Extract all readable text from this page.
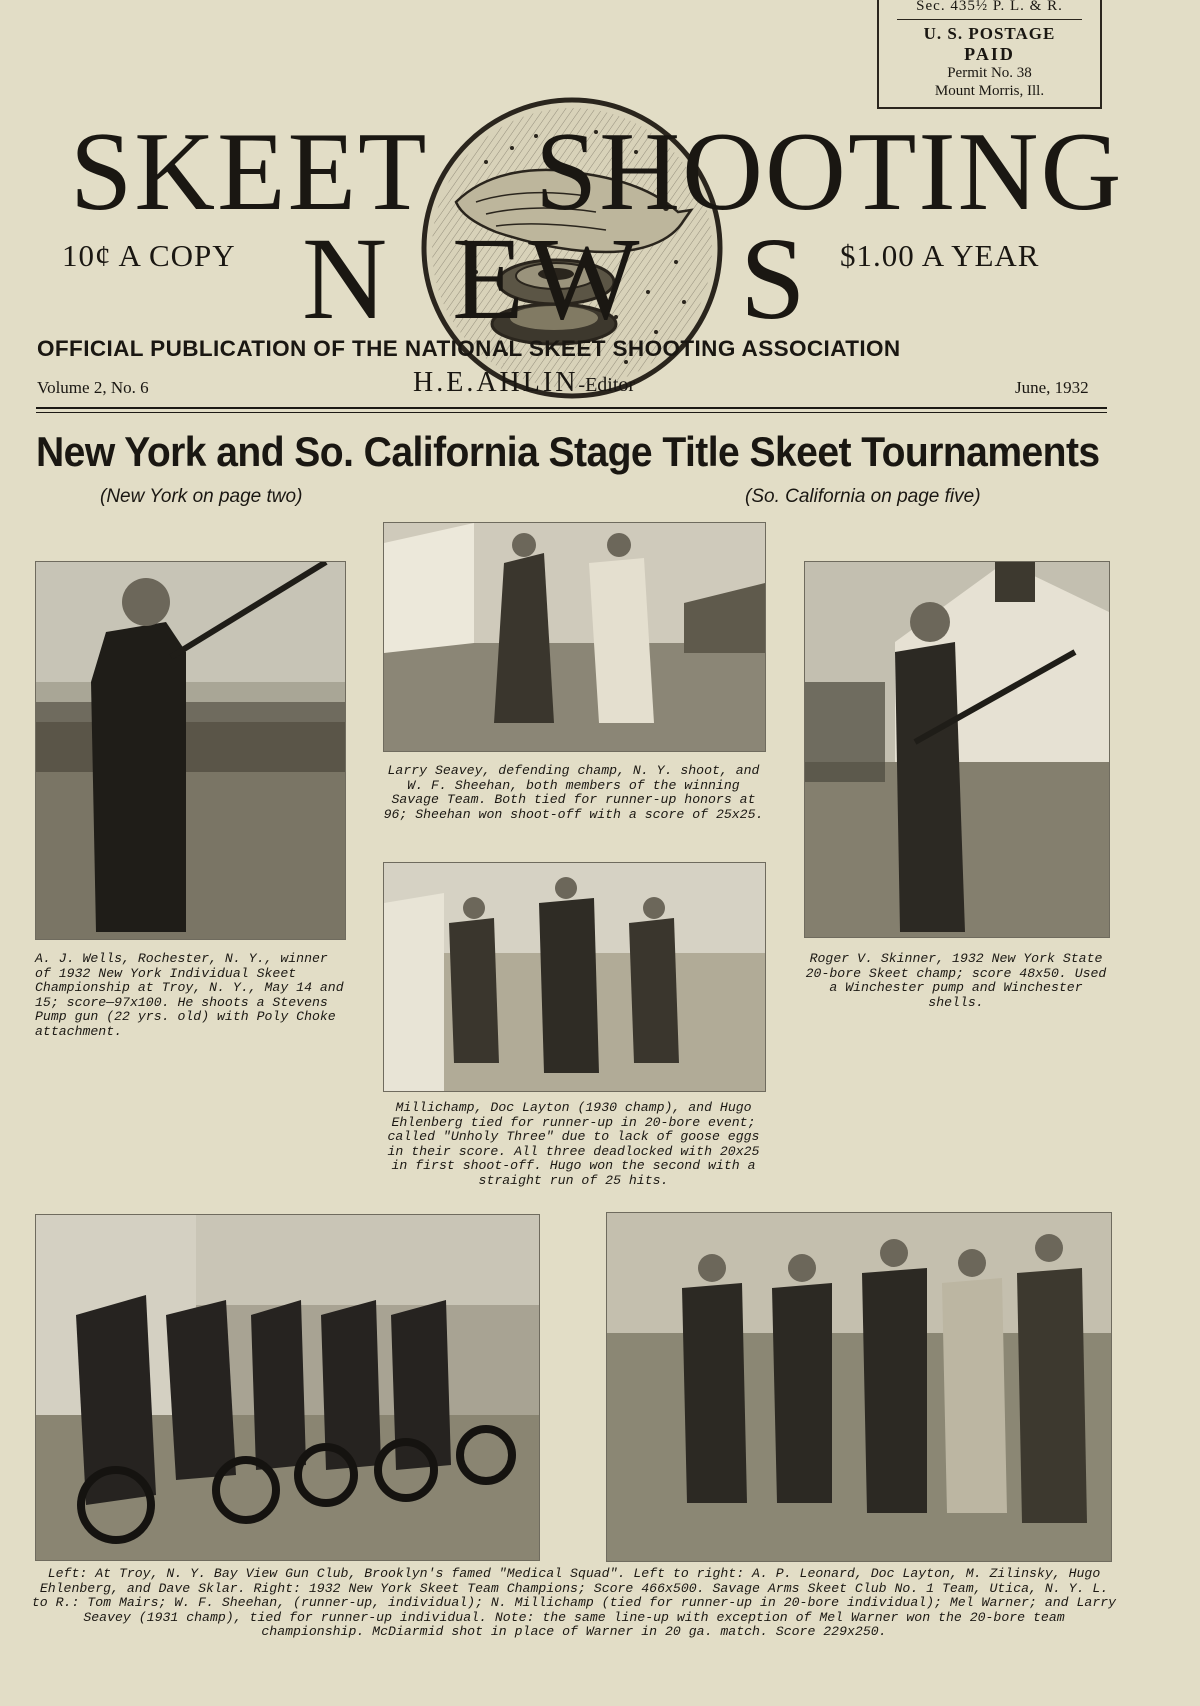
Sec. 435½ P. L. & R.
U. S. POSTAGE
PAID
Permit No. 38
Mount Morris, Ill.
SKEET SHOOTING
N EW S
10¢ A COPY	$1.00 A YEAR
OFFICIAL PUBLICATION OF THE NATIONAL SKEET SHOOTING ASSOCIATION
Volume 2, No. 6	H.E.AHLIN-Editor	June, 1932
New York and So. California Stage Title Skeet Tournaments
(New York on page two)	(So. California on page five)
A. J. Wells, Rochester, N. Y., winner of 1932 New York Individual Skeet Championship at Troy, N. Y., May 14 and 15; score—97x100. He shoots a Stevens Pump gun (22 yrs. old) with Poly Choke attachment.
Larry Seavey, defending champ, N. Y. shoot, and W. F. Sheehan, both members of the winning Savage Team. Both tied for runner-up honors at 96; Sheehan won shoot-off with a score of 25x25.
Roger V. Skinner, 1932 New York State 20-bore Skeet champ; score 48x50. Used a Winchester pump and Winchester shells.
Millichamp, Doc Layton (1930 champ), and Hugo Ehlenberg tied for runner-up in 20-bore event; called "Unholy Three" due to lack of goose eggs in their score. All three deadlocked with 20x25 in first shoot-off. Hugo won the second with a straight run of 25 hits.
Left: At Troy, N. Y. Bay View Gun Club, Brooklyn's famed "Medical Squad". Left to right: A. P. Leonard, Doc Layton, M. Zilinsky, Hugo Ehlenberg, and Dave Sklar. Right: 1932 New York Skeet Team Champions; Score 466x500. Savage Arms Skeet Club No. 1 Team, Utica, N. Y. L. to R.: Tom Mairs; W. F. Sheehan, (runner-up, individual); N. Millichamp (tied for runner-up in 20-bore individual); Mel Warner; and Larry Seavey (1931 champ), tied for runner-up individual. Note: the same line-up with exception of Mel Warner won the 20-bore team championship. McDiarmid shot in place of Warner in 20 ga. match. Score 229x250.
